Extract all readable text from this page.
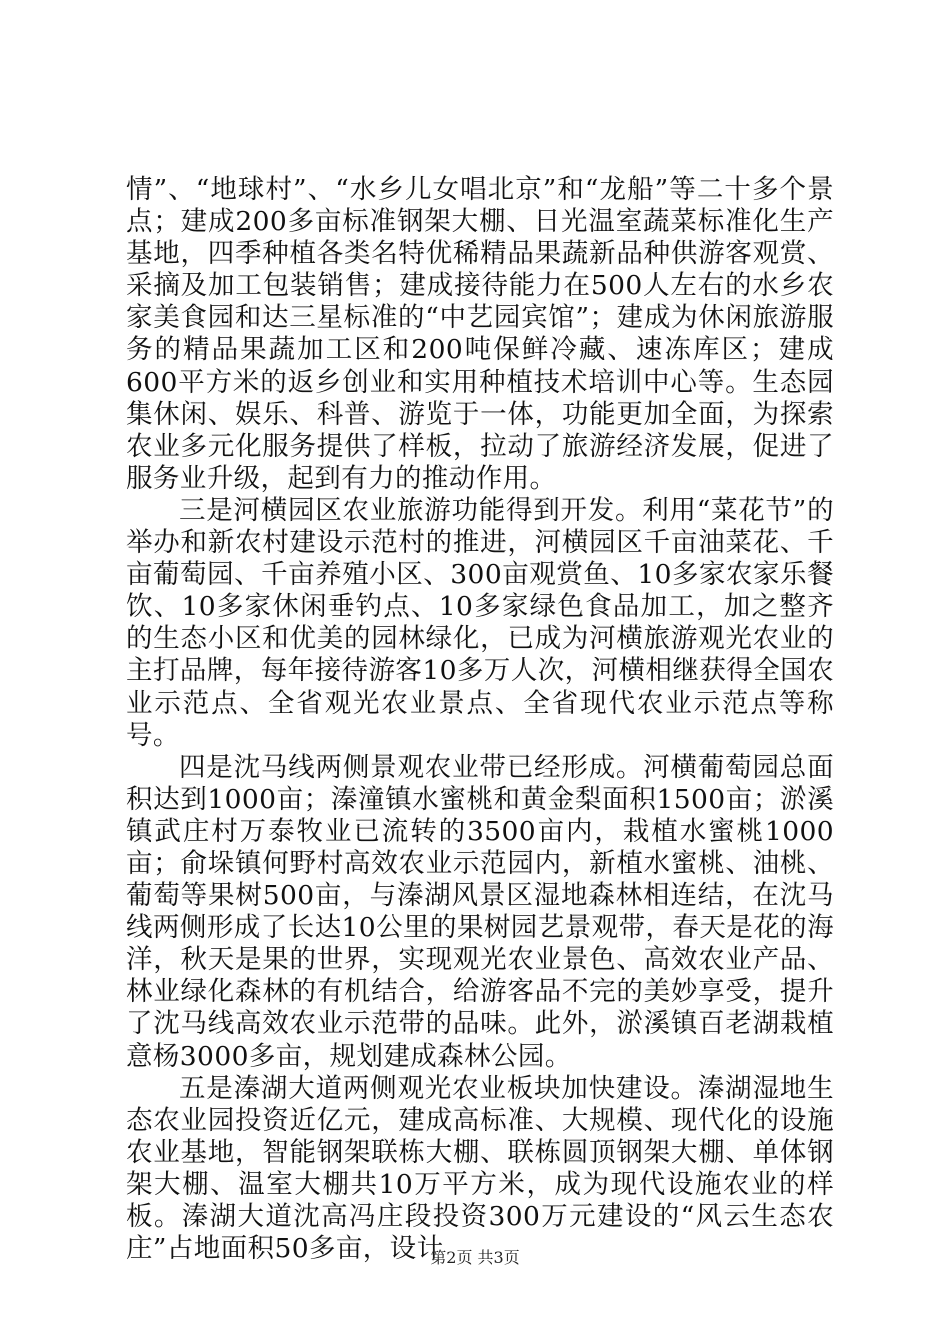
情”、“地球村”、“水乡儿女唱北京”和“龙船”等二十多个景点；建成200多亩标准钢架大棚、日光温室蔬菜标准化生产基地，四季种植各类名特优稀精品果蔬新品种供游客观赏、采摘及加工包装销售；建成接待能力在500人左右的水乡农家美食园和达三星标准的“中艺园宾馆”；建成为休闲旅游服务的精品果蔬加工区和200吨保鲜冷藏、速冻库区；建成600平方米的返乡创业和实用种植技术培训中心等。生态园集休闲、娱乐、科普、游览于一体，功能更加全面，为探索农业多元化服务提供了样板，拉动了旅游经济发展，促进了服务业升级，起到有力的推动作用。

三是河横园区农业旅游功能得到开发。利用“菜花节”的举办和新农村建设示范村的推进，河横园区千亩油菜花、千亩葡萄园、千亩养殖小区、300亩观赏鱼、10多家农家乐餐饮、10多家休闲垂钓点、10多家绿色食品加工，加之整齐的生态小区和优美的园林绿化，已成为河横旅游观光农业的主打品牌，每年接待游客10多万人次，河横相继获得全国农业示范点、全省观光农业景点、全省现代农业示范点等称号。

四是沈马线两侧景观农业带已经形成。河横葡萄园总面积达到1000亩；溱潼镇水蜜桃和黄金梨面积1500亩；淤溪镇武庄村万泰牧业已流转的3500亩内，栽植水蜜桃1000亩；俞垛镇何野村高效农业示范园内，新植水蜜桃、油桃、葡萄等果树500亩，与溱湖风景区湿地森林相连结，在沈马线两侧形成了长达10公里的果树园艺景观带，春天是花的海洋，秋天是果的世界，实现观光农业景色、高效农业产品、林业绿化森林的有机结合，给游客品不完的美妙享受，提升了沈马线高效农业示范带的品味。此外，淤溪镇百老湖栽植意杨3000多亩，规划建成森林公园。

五是溱湖大道两侧观光农业板块加快建设。溱湖湿地生态农业园投资近亿元，建成高标准、大规模、现代化的设施农业基地，智能钢架联栋大棚、联栋圆顶钢架大棚、单体钢架大棚、温室大棚共10万平方米，成为现代设施农业的样板。溱湖大道沈高冯庄段投资300万元建设的“风云生态农庄”占地面积50多亩，设计

第2页 共3页
